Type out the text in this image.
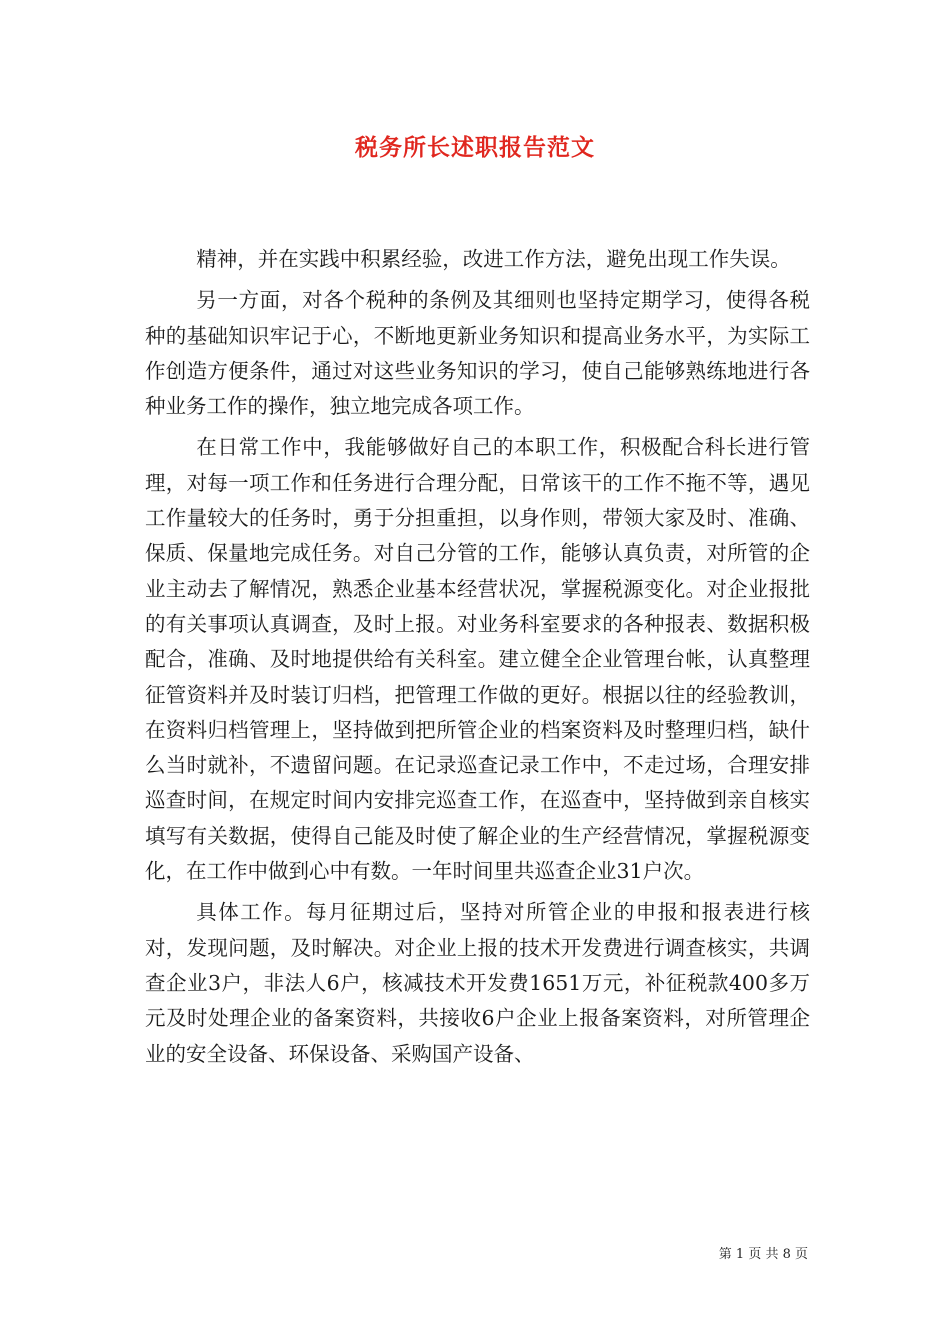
税务所长述职报告范文

精神，并在实践中积累经验，改进工作方法，避免出现工作失误。

另一方面，对各个税种的条例及其细则也坚持定期学习，使得各税种的基础知识牢记于心，不断地更新业务知识和提高业务水平，为实际工作创造方便条件，通过对这些业务知识的学习，使自己能够熟练地进行各种业务工作的操作，独立地完成各项工作。

在日常工作中，我能够做好自己的本职工作，积极配合科长进行管理，对每一项工作和任务进行合理分配，日常该干的工作不拖不等，遇见工作量较大的任务时，勇于分担重担，以身作则，带领大家及时、准确、保质、保量地完成任务。对自己分管的工作，能够认真负责，对所管的企业主动去了解情况，熟悉企业基本经营状况，掌握税源变化。对企业报批的有关事项认真调查，及时上报。对业务科室要求的各种报表、数据积极配合，准确、及时地提供给有关科室。建立健全企业管理台帐，认真整理征管资料并及时装订归档，把管理工作做的更好。根据以往的经验教训，在资料归档管理上，坚持做到把所管企业的档案资料及时整理归档，缺什么当时就补，不遗留问题。在记录巡查记录工作中，不走过场，合理安排巡查时间，在规定时间内安排完巡查工作，在巡查中，坚持做到亲自核实填写有关数据，使得自己能及时使了解企业的生产经营情况，掌握税源变化，在工作中做到心中有数。一年时间里共巡查企业31户次。

具体工作。每月征期过后，坚持对所管企业的申报和报表进行核对，发现问题，及时解决。对企业上报的技术开发费进行调查核实，共调查企业3户，非法人6户，核减技术开发费1651万元，补征税款400多万元及时处理企业的备案资料，共接收6户企业上报备案资料，对所管理企业的安全设备、环保设备、采购国产设备、

第 1 页 共 8 页
